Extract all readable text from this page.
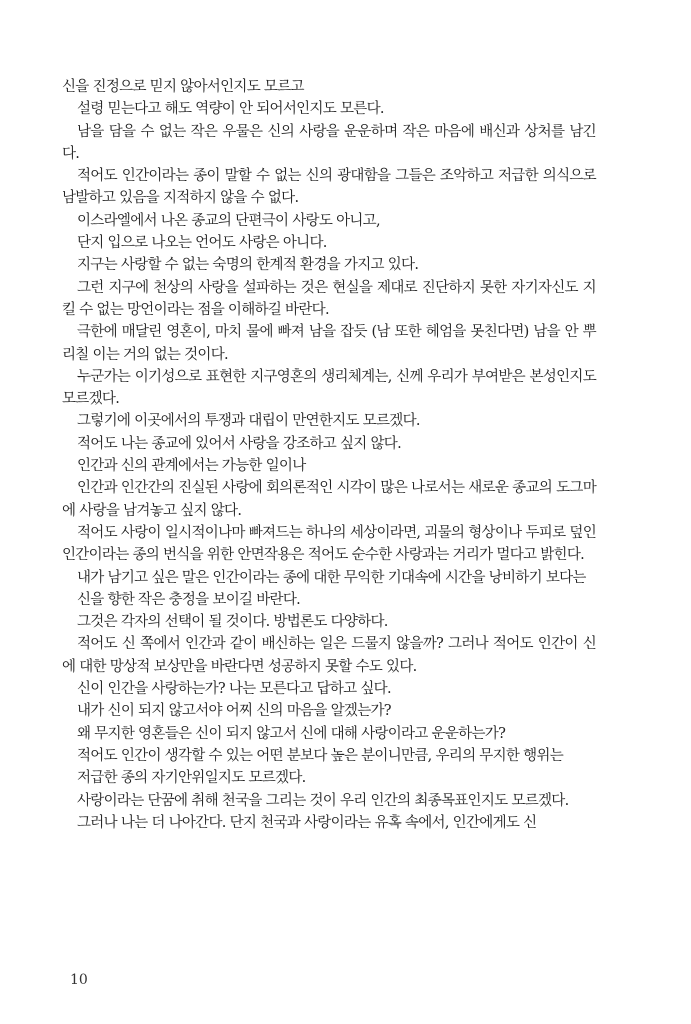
신을 진정으로 믿지 않아서인지도 모르고

설령 믿는다고 해도 역량이 안 되어서인지도 모른다.

남을 담을 수 없는 작은 우물은 신의 사랑을 운운하며 작은 마음에 배신과 상처를 남긴다.

적어도 인간이라는 종이 말할 수 없는 신의 광대함을 그들은 조악하고 저급한 의식으로 남발하고 있음을 지적하지 않을 수 없다.

이스라엘에서 나온 종교의 단편극이 사랑도 아니고,

단지 입으로 나오는 언어도 사랑은 아니다.

지구는 사랑할 수 없는 숙명의 한계적 환경을 가지고 있다.

그런 지구에 천상의 사랑을 설파하는 것은 현실을 제대로 진단하지 못한 자기자신도 지킬 수 없는 망언이라는 점을 이해하길 바란다.

극한에 매달린 영혼이, 마치 물에 빠져 남을 잡듯 (남 또한 헤엄을 못친다면) 남을 안 뿌리칠 이는 거의 없는 것이다.

누군가는 이기성으로 표현한 지구영혼의 생리체계는, 신께 우리가 부여받은 본성인지도 모르겠다.

그렇기에 이곳에서의 투쟁과 대립이 만연한지도 모르겠다.

적어도 나는 종교에 있어서 사랑을 강조하고 싶지 않다.

인간과 신의 관계에서는 가능한 일이나

인간과 인간간의 진실된 사랑에 회의론적인 시각이 많은 나로서는 새로운 종교의 도그마에 사랑을 남겨놓고 싶지 않다.

적어도 사랑이 일시적이나마 빠져드는 하나의 세상이라면, 괴물의 형상이나 두피로 덮인 인간이라는 종의 번식을 위한 안면작용은 적어도 순수한 사랑과는 거리가 멀다고 밝힌다.

내가 남기고 싶은 말은 인간이라는 종에 대한 무익한 기대속에 시간을 낭비하기 보다는

신을 향한 작은 충정을 보이길 바란다.

그것은 각자의 선택이 될 것이다. 방법론도 다양하다.

적어도 신 쪽에서 인간과 같이 배신하는 일은 드물지 않을까? 그러나 적어도 인간이 신에 대한 망상적 보상만을 바란다면 성공하지 못할 수도 있다.

신이 인간을 사랑하는가? 나는 모른다고 답하고 싶다.

내가 신이 되지 않고서야 어찌 신의 마음을 알겠는가?

왜 무지한 영혼들은 신이 되지 않고서 신에 대해 사랑이라고 운운하는가?

적어도 인간이 생각할 수 있는 어떤 분보다 높은 분이니만큼, 우리의 무지한 행위는

저급한 종의 자기안위일지도 모르겠다.

사랑이라는 단꿈에 취해 천국을 그리는 것이 우리 인간의 최종목표인지도 모르겠다.

그러나 나는 더 나아간다. 단지 천국과 사랑이라는 유혹 속에서, 인간에게도 신

10
